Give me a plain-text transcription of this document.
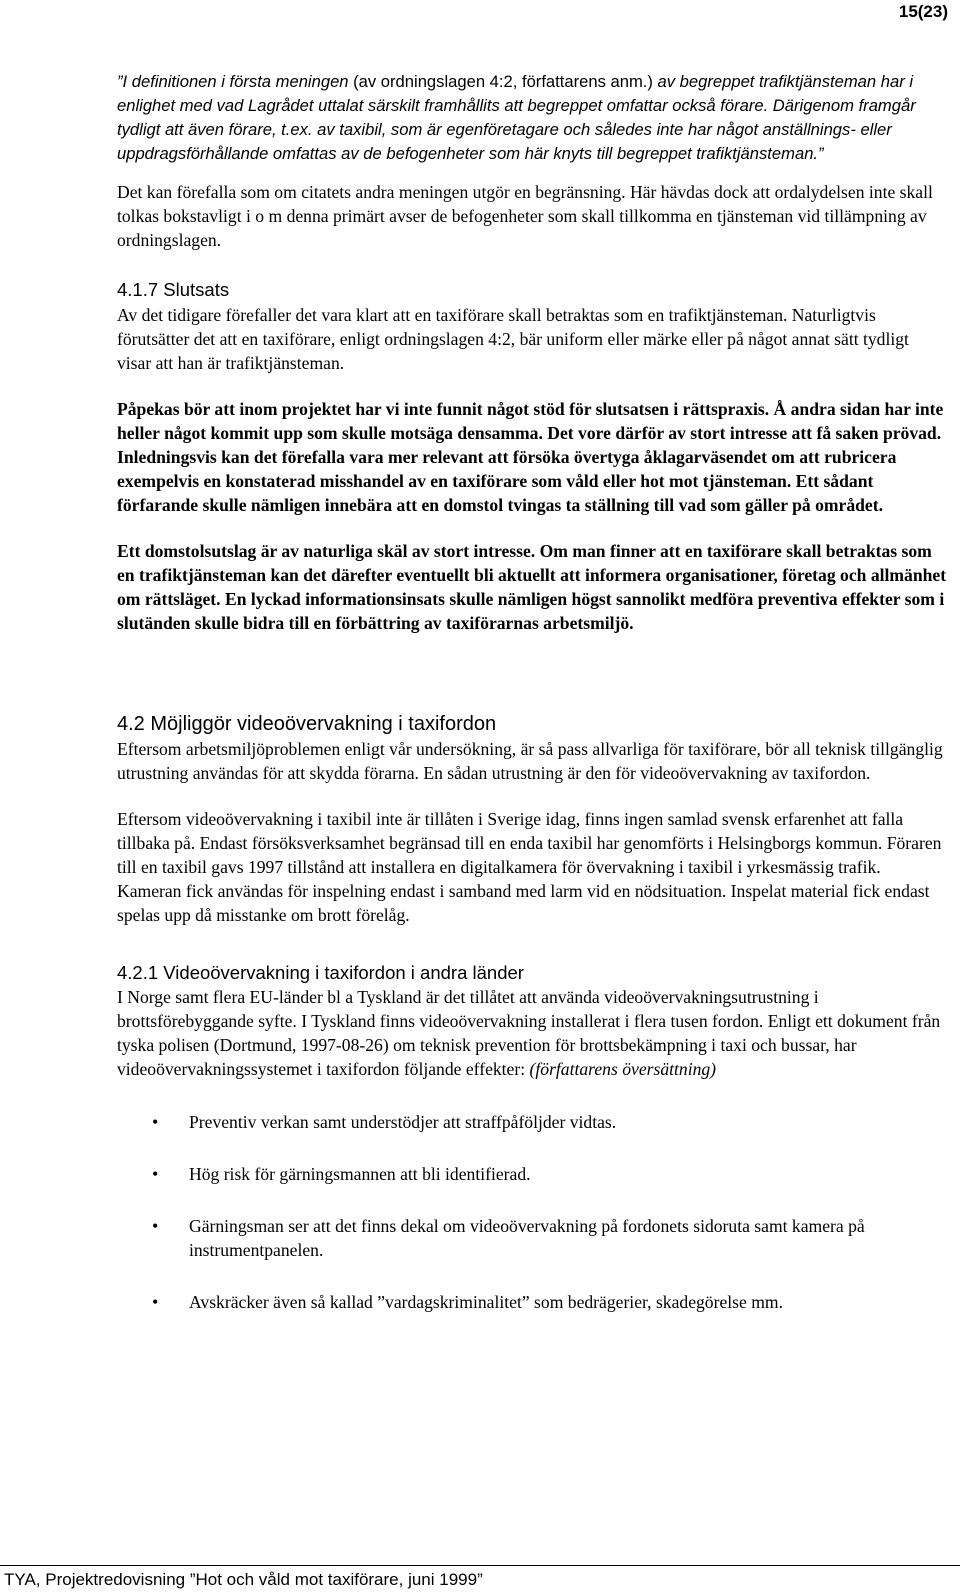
15(23)

”I definitionen i första meningen (av ordningslagen 4:2, författarens anm.) av begreppet trafiktjänsteman har i enlighet med vad Lagrådet uttalat särskilt framhållits att begreppet omfattar också förare. Därigenom framgår tydligt att även förare, t.ex. av taxibil, som är egenföretagare och således inte har något anställnings- eller uppdragsförhållande omfattas av de befogenheter som här knyts till begreppet trafiktjänsteman.”

Det kan förefalla som om citatets andra meningen utgör en begränsning. Här hävdas dock att ordalydelsen inte skall tolkas bokstavligt i o m denna primärt avser de befogenheter som skall tillkomma en tjänsteman vid tillämpning av ordningslagen.

4.1.7 Slutsats

Av det tidigare förefaller det vara klart att en taxiförare skall betraktas som en trafiktjänsteman. Naturligtvis förutsätter det att en taxiförare, enligt ordningslagen 4:2, bär uniform eller märke eller på något annat sätt tydligt visar att han är trafiktjänsteman.

Påpekas bör att inom projektet har vi inte funnit något stöd för slutsatsen i rättspraxis. Å andra sidan har inte heller något kommit upp som skulle motsäga densamma. Det vore därför av stort intresse att få saken prövad. Inledningsvis kan det förefalla vara mer relevant att försöka övertyga åklagarväsendet om att rubricera exempelvis en konstaterad misshandel av en taxiförare som våld eller hot mot tjänsteman. Ett sådant förfarande skulle nämligen innebära att en domstol tvingas ta ställning till vad som gäller på området.

Ett domstolsutslag är av naturliga skäl av stort intresse. Om man finner att en taxiförare skall betraktas som en trafiktjänsteman kan det därefter eventuellt bli aktuellt att informera organisationer, företag och allmänhet om rättsläget. En lyckad informationsinsats skulle nämligen högst sannolikt medföra preventiva effekter som i slutänden skulle bidra till en förbättring av taxiförarnas arbetsmiljö.

4.2 Möjliggör videoövervakning i taxifordon

Eftersom arbetsmiljöproblemen enligt vår undersökning, är så pass allvarliga för taxiförare, bör all teknisk tillgänglig utrustning användas för att skydda förarna. En sådan utrustning är den för videoövervakning av taxifordon.

Eftersom videoövervakning i taxibil inte är tillåten i Sverige idag, finns ingen samlad svensk erfarenhet att falla tillbaka på. Endast försöksverksamhet begränsad till en enda taxibil har genomförts i Helsingborgs kommun. Föraren till en taxibil gavs 1997 tillstånd att installera en digitalkamera för övervakning i taxibil i yrkesmässig trafik. Kameran fick användas för inspelning endast i samband med larm vid en nödsituation. Inspelat material fick endast spelas upp då misstanke om brott förelåg.

4.2.1 Videoövervakning i taxifordon i andra länder

I Norge samt flera EU-länder bl a Tyskland är det tillåtet att använda videoövervakningsutrustning i brottsförebyggande syfte. I Tyskland finns videoövervakning installerat i flera tusen fordon. Enligt ett dokument från tyska polisen (Dortmund, 1997-08-26) om teknisk prevention för brottsbekämpning i taxi och bussar, har videoövervakningssystemet i taxifordon följande effekter: (författarens översättning)

• Preventiv verkan samt understödjer att straffpåföljder vidtas.
• Hög risk för gärningsmannen att bli identifierad.
• Gärningsman ser att det finns dekal om videoövervakning på fordonets sidoruta samt kamera på instrumentpanelen.
• Avskräcker även så kallad ”vardagskriminalitet” som bedrägerier, skadegörelse mm.
TYA, Projektredovisning ”Hot och våld mot taxiförare, juni 1999”
